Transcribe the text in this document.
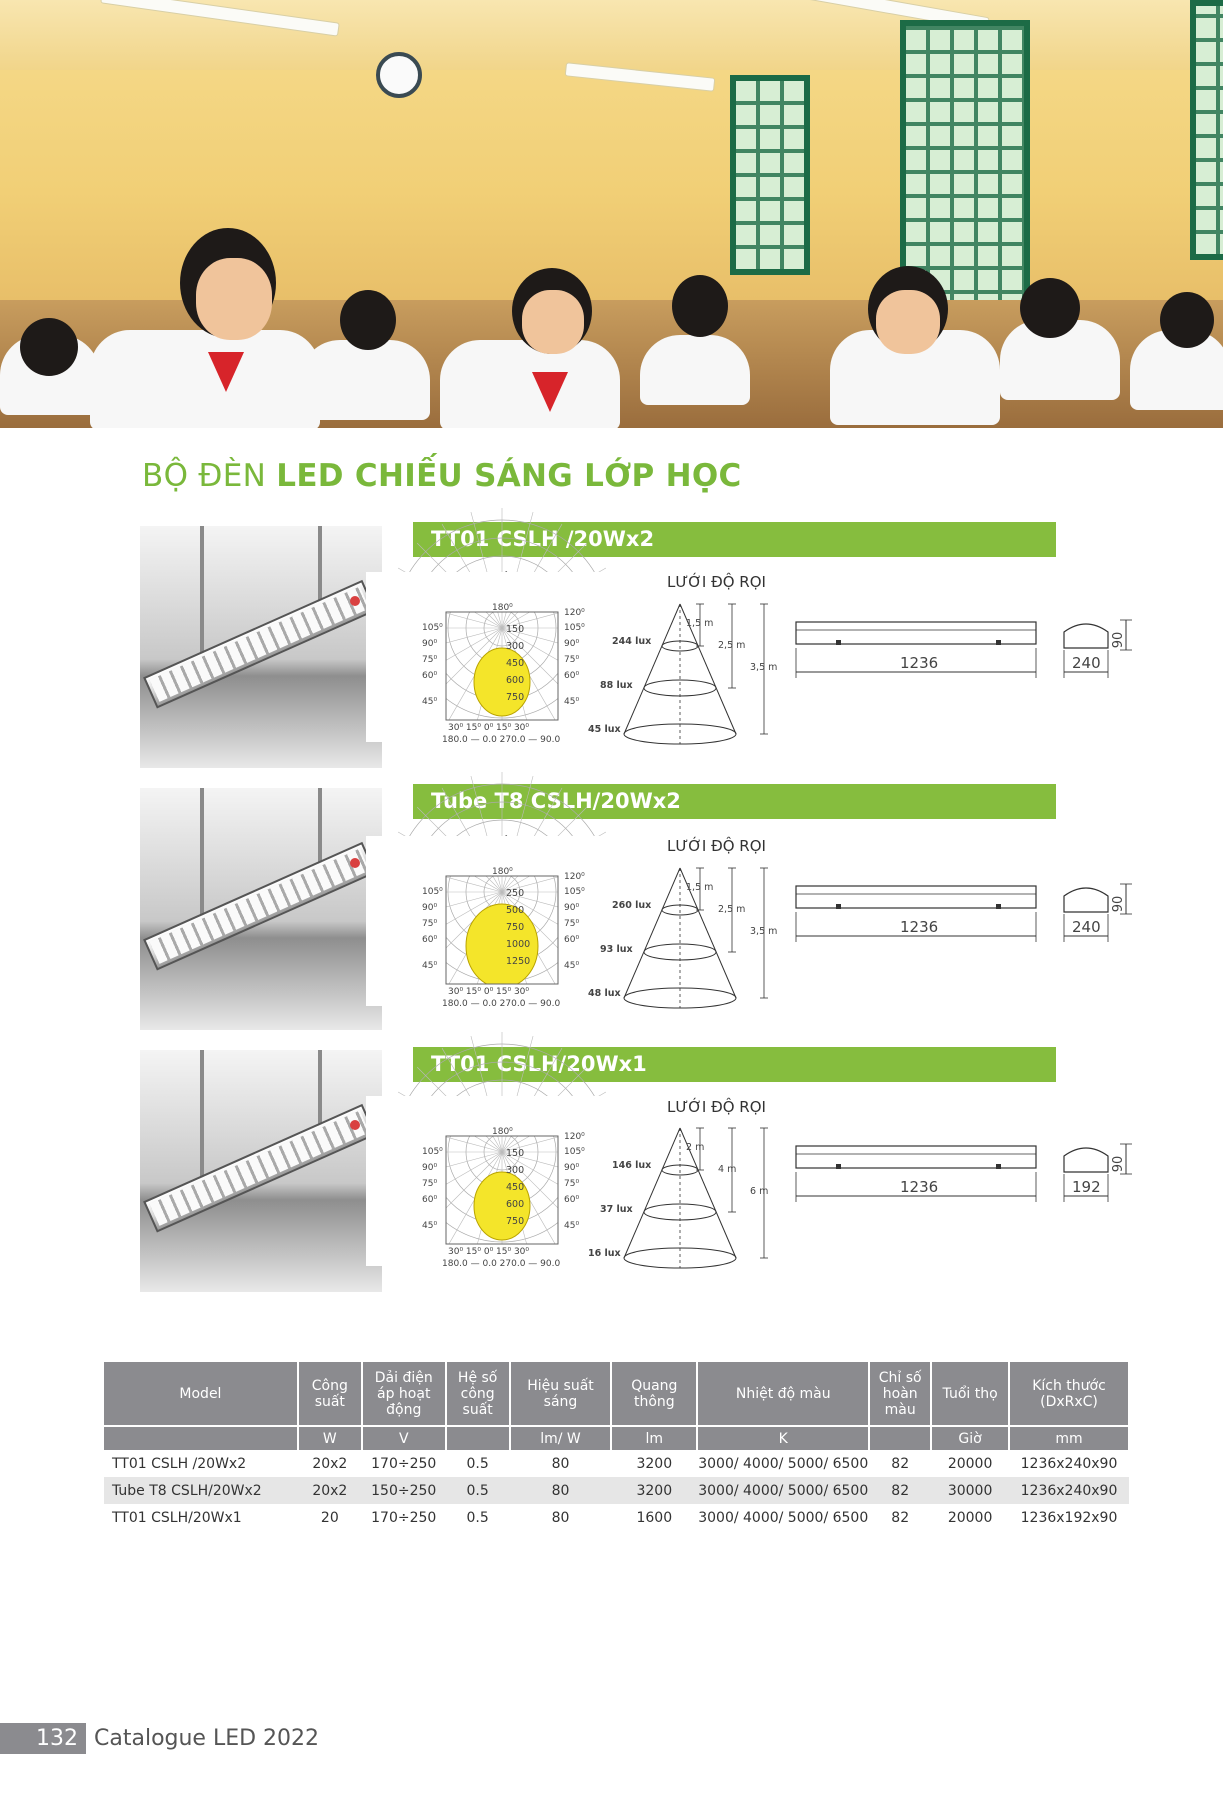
BỘ ĐÈN LED CHIẾU SÁNG LỚP HỌC
TT01 CSLH /20Wx2
LƯỚI ĐỘ RỌI
Tube T8 CSLH/20Wx2
LƯỚI ĐỘ RỌI
TT01 CSLH/20Wx1
LƯỚI ĐỘ RỌI
150
300
450
600
750
180⁰	120⁰
105⁰
90⁰
75⁰
60⁰
45⁰
105⁰
90⁰
75⁰
60⁰
45⁰
30⁰ 15⁰ 0⁰ 15⁰ 30⁰
180.0 — 0.0 270.0 — 90.0
244 lux
88 lux
45 lux
1,5 m
2,5 m
3,5 m	1236	240
90
250
500
750
1000
1250
180⁰	120⁰
105⁰
90⁰
75⁰
60⁰
45⁰
105⁰
90⁰
75⁰
60⁰
45⁰
30⁰ 15⁰ 0⁰ 15⁰ 30⁰
180.0 — 0.0 270.0 — 90.0
260 lux
93 lux
48 lux
1,5 m
2,5 m
3,5 m	1236	240
90
150
300
450
600
750
180⁰	120⁰
105⁰
90⁰
75⁰
60⁰
45⁰
105⁰
90⁰
75⁰
60⁰
45⁰
30⁰ 15⁰ 0⁰ 15⁰ 30⁰
180.0 — 0.0 270.0 — 90.0
146 lux
37 lux
16 lux
2 m
4 m
6 m	1236	192
90
Model	Công suất	Dải điện áp hoạt động	Hệ số công suất	Hiệu suất sáng	Quang thông	Nhiệt độ màu	Chỉ số hoàn màu	Tuổi thọ	Kích thước (DxRxC)
	W	V		lm/ W	lm	K		Giờ	mm
TT01 CSLH /20Wx2	20x2	170÷250	0.5	80	3200	3000/ 4000/ 5000/ 6500	82	20000	1236x240x90
Tube T8 CSLH/20Wx2	20x2	150÷250	0.5	80	3200	3000/ 4000/ 5000/ 6500	82	30000	1236x240x90
TT01 CSLH/20Wx1	20	170÷250	0.5	80	1600	3000/ 4000/ 5000/ 6500	82	20000	1236x192x90
132 Catalogue LED 2022
